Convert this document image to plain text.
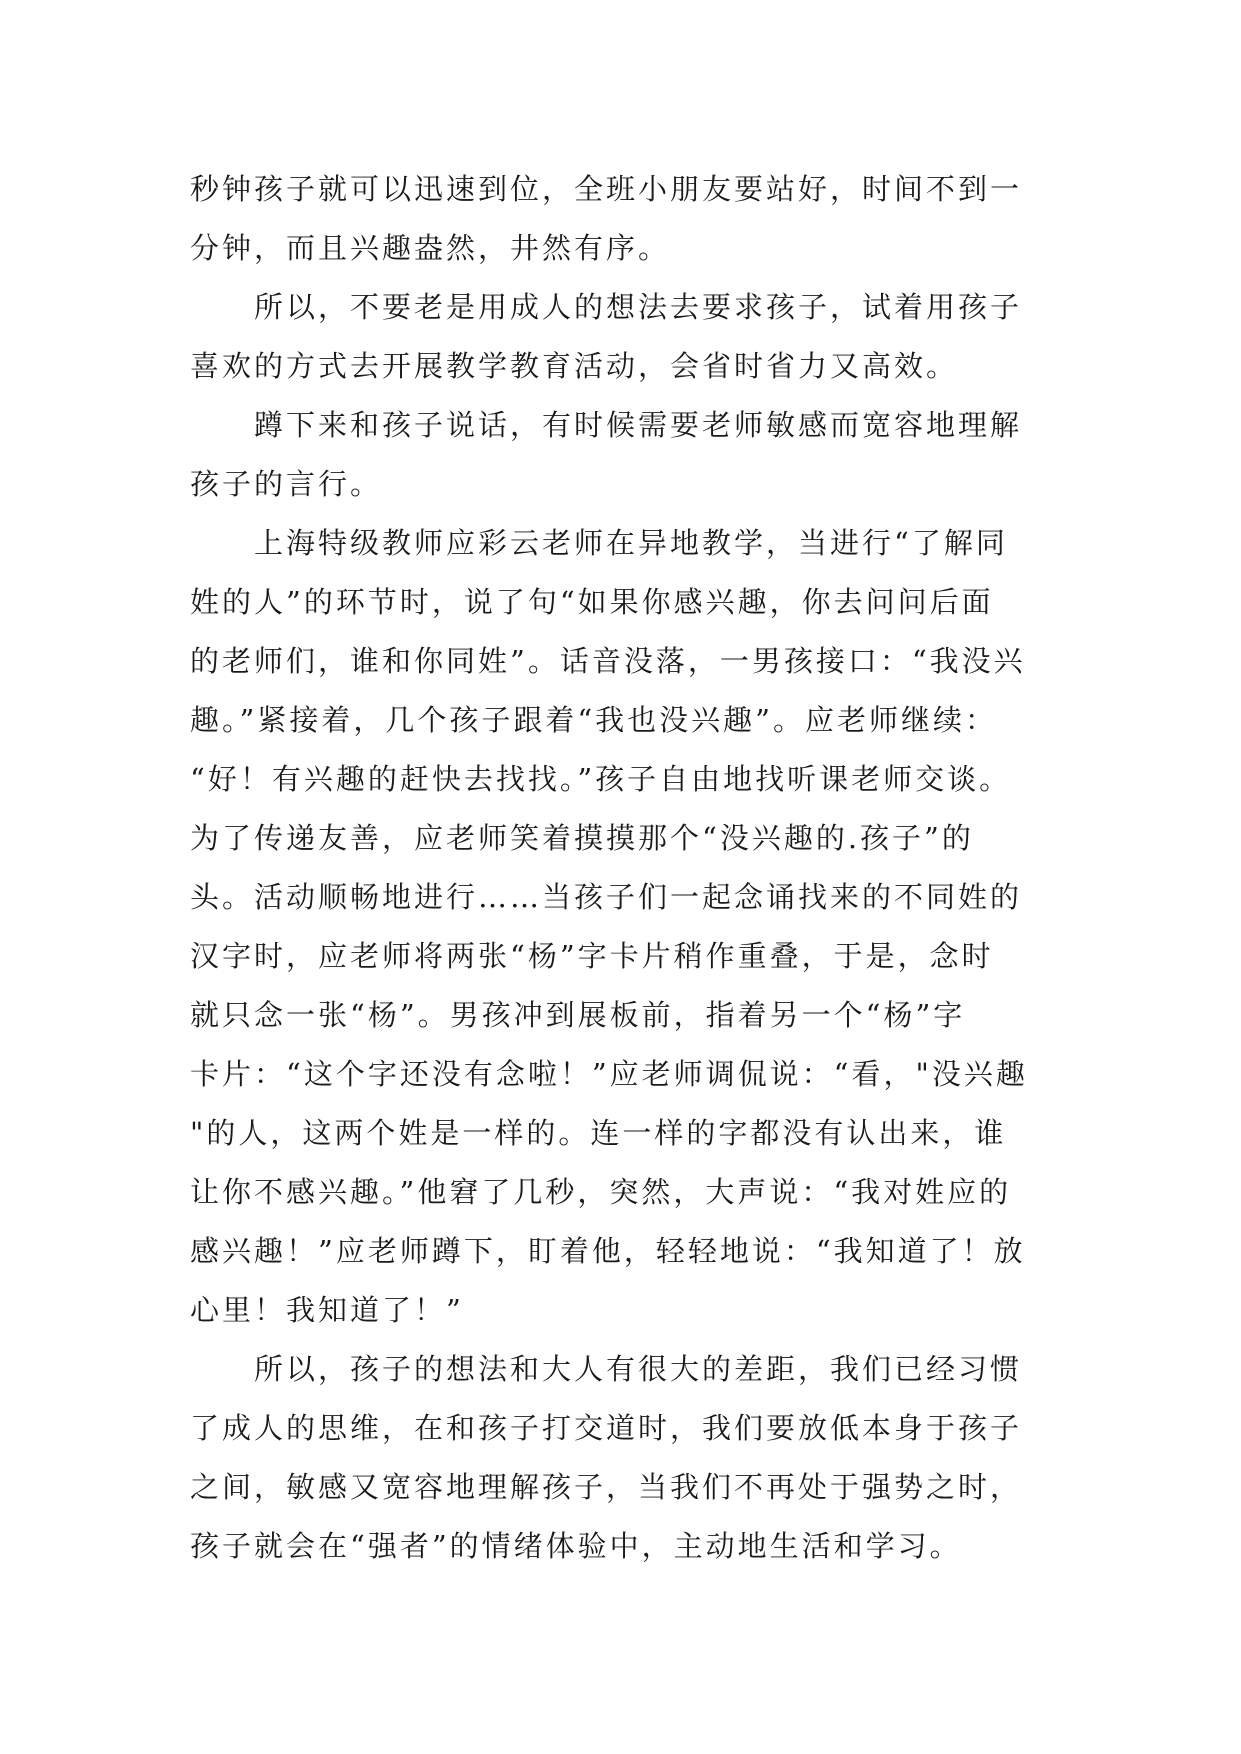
秒钟孩子就可以迅速到位，全班小朋友要站好，时间不到一
分钟，而且兴趣盎然，井然有序。
所以，不要老是用成人的想法去要求孩子，试着用孩子
喜欢的方式去开展教学教育活动，会省时省力又高效。
蹲下来和孩子说话，有时候需要老师敏感而宽容地理解
孩子的言行。
上海特级教师应彩云老师在异地教学，当进行“了解同
姓的人”的环节时，说了句“如果你感兴趣，你去问问后面
的老师们，谁和你同姓”。话音没落，一男孩接口：“我没兴
趣。”紧接着，几个孩子跟着“我也没兴趣”。应老师继续：
“好！有兴趣的赶快去找找。”孩子自由地找听课老师交谈。
为了传递友善，应老师笑着摸摸那个“没兴趣的.孩子”的
头。活动顺畅地进行……当孩子们一起念诵找来的不同姓的
汉字时，应老师将两张“杨”字卡片稍作重叠，于是，念时
就只念一张“杨”。男孩冲到展板前，指着另一个“杨”字
卡片：“这个字还没有念啦！”应老师调侃说：“看，"没兴趣
"的人，这两个姓是一样的。连一样的字都没有认出来，谁
让你不感兴趣。”他窘了几秒，突然，大声说：“我对姓应的
感兴趣！”应老师蹲下，盯着他，轻轻地说：“我知道了！放
心里！我知道了！”
所以，孩子的想法和大人有很大的差距，我们已经习惯
了成人的思维，在和孩子打交道时，我们要放低本身于孩子
之间，敏感又宽容地理解孩子，当我们不再处于强势之时，
孩子就会在“强者”的情绪体验中，主动地生活和学习。
